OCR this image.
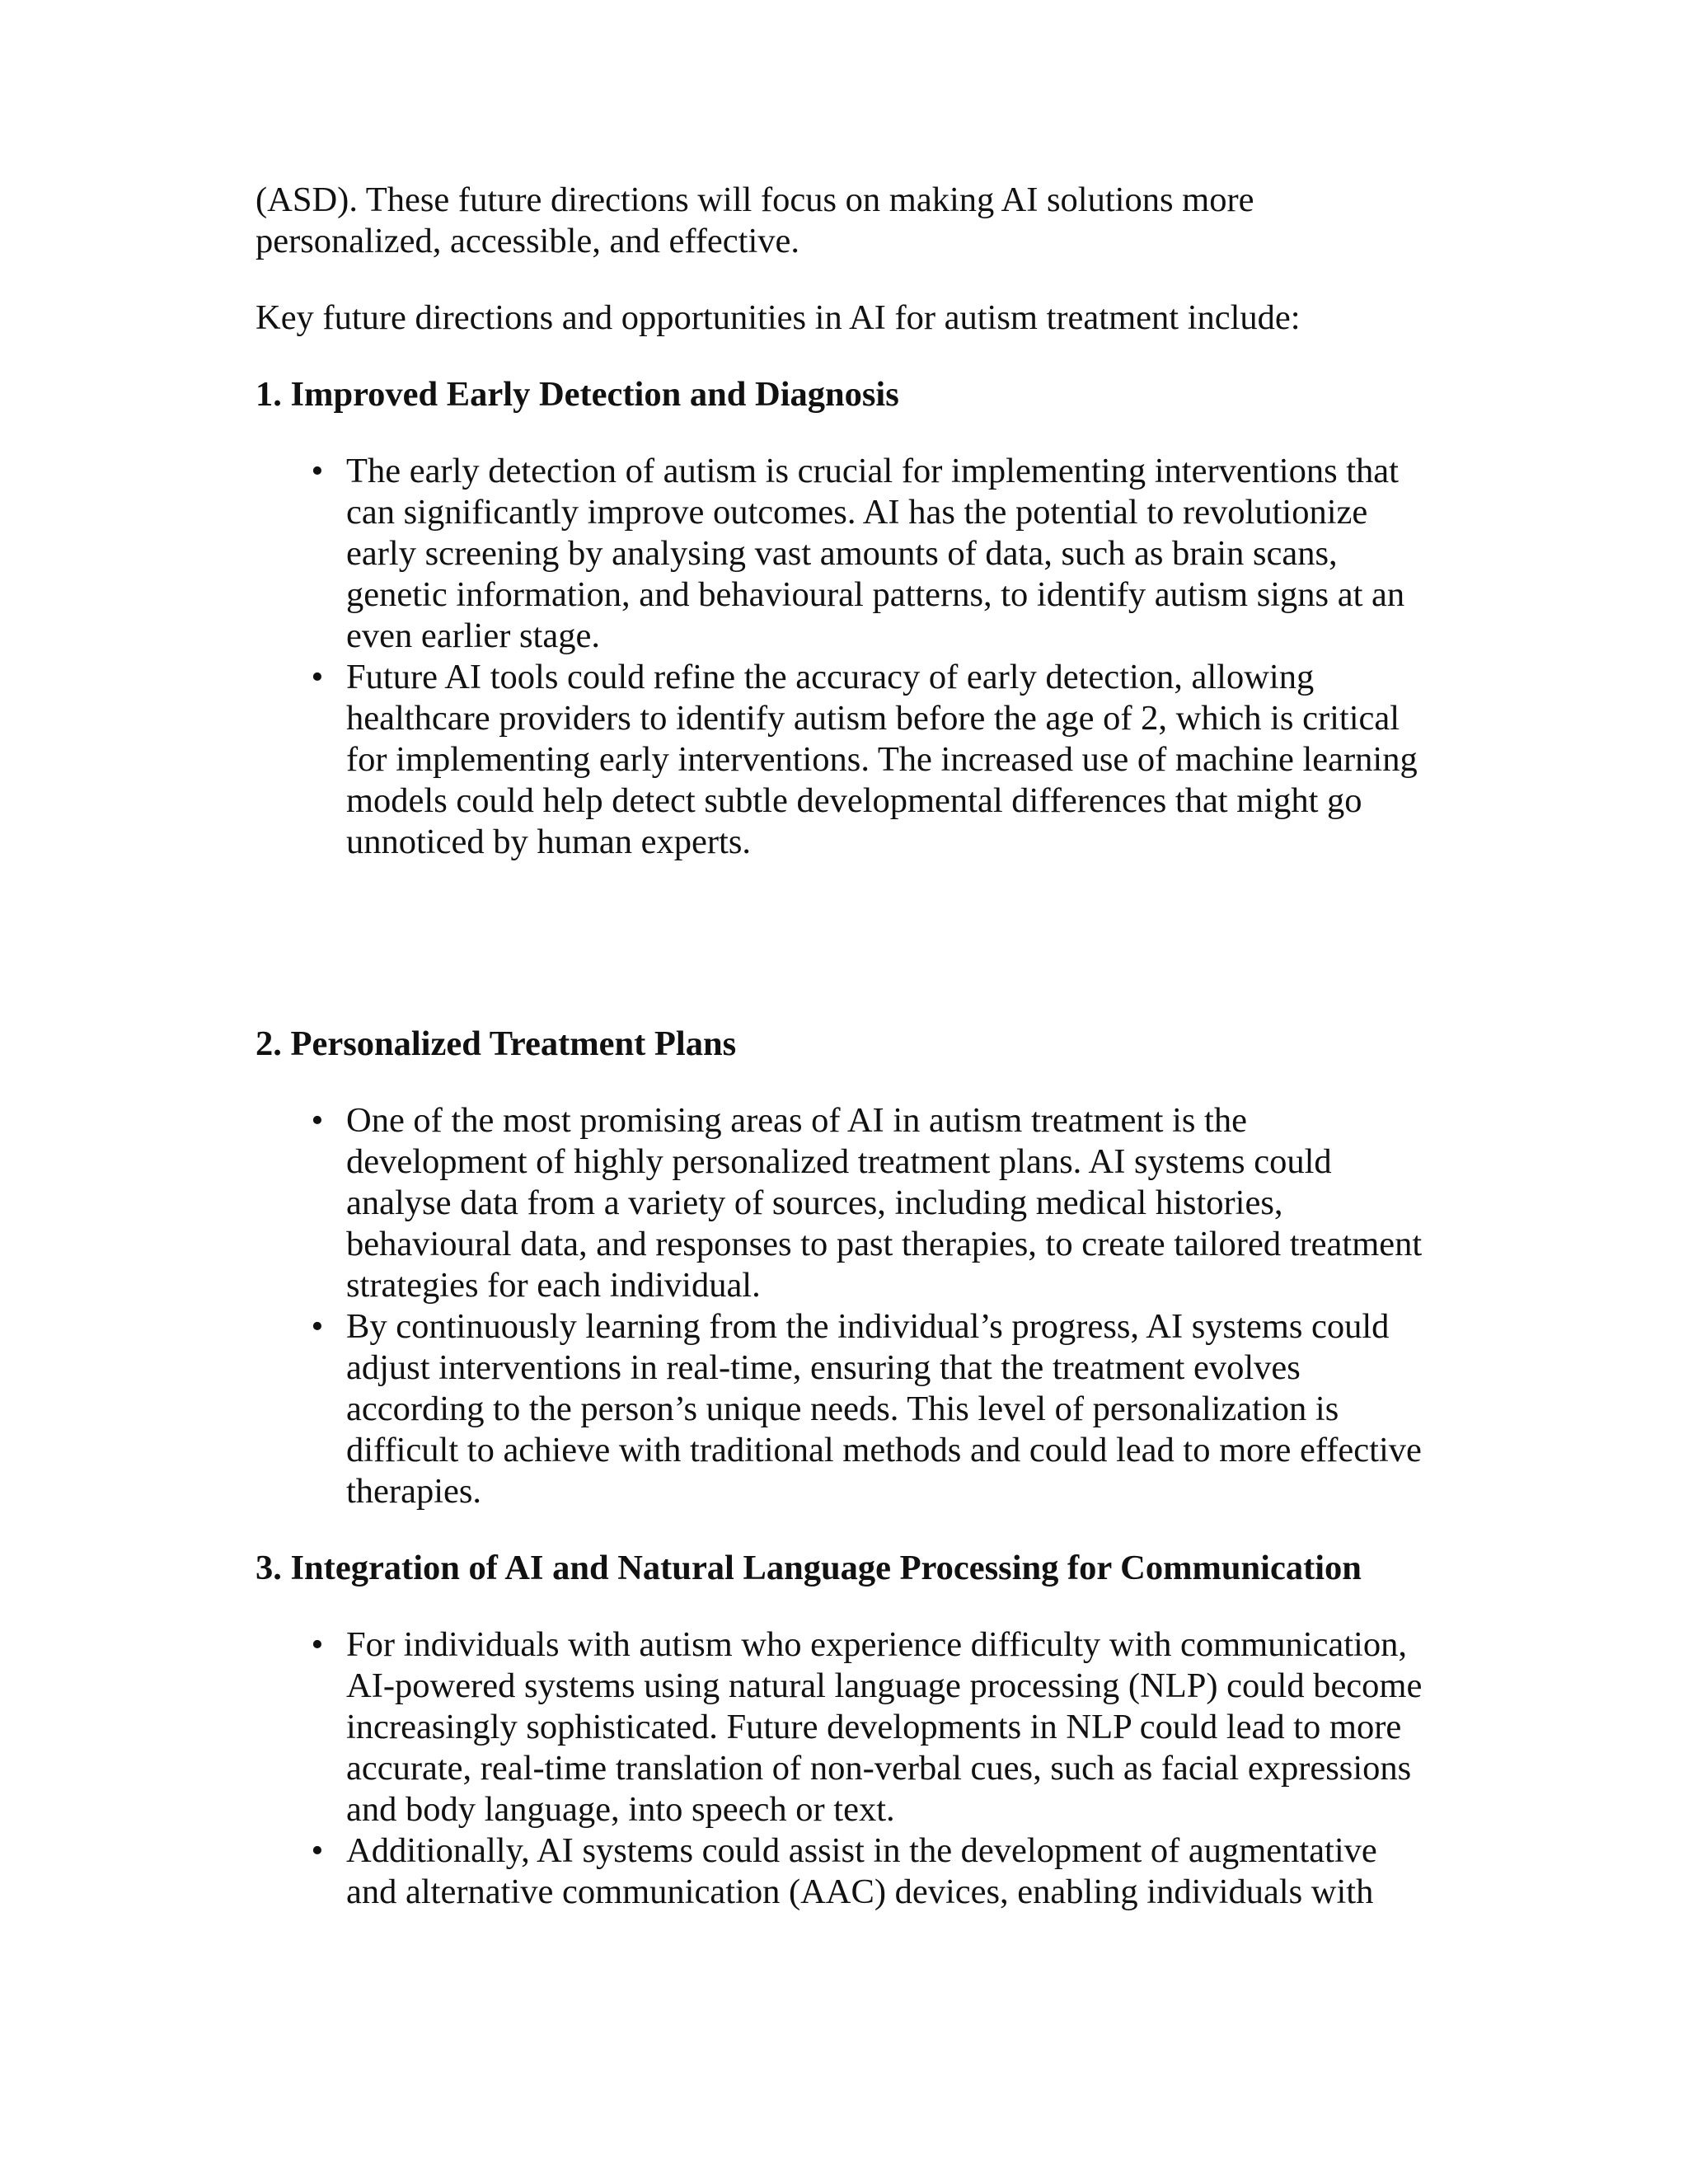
(ASD). These future directions will focus on making AI solutions more personalized, accessible, and effective.

Key future directions and opportunities in AI for autism treatment include:

1. Improved Early Detection and Diagnosis
• The early detection of autism is crucial for implementing interventions that can significantly improve outcomes. AI has the potential to revolutionize early screening by analysing vast amounts of data, such as brain scans, genetic information, and behavioural patterns, to identify autism signs at an even earlier stage.
• Future AI tools could refine the accuracy of early detection, allowing healthcare providers to identify autism before the age of 2, which is critical for implementing early interventions. The increased use of machine learning models could help detect subtle developmental differences that might go unnoticed by human experts.
2. Personalized Treatment Plans
• One of the most promising areas of AI in autism treatment is the development of highly personalized treatment plans. AI systems could analyse data from a variety of sources, including medical histories, behavioural data, and responses to past therapies, to create tailored treatment strategies for each individual.
• By continuously learning from the individual’s progress, AI systems could adjust interventions in real-time, ensuring that the treatment evolves according to the person’s unique needs. This level of personalization is difficult to achieve with traditional methods and could lead to more effective therapies.
3. Integration of AI and Natural Language Processing for Communication
• For individuals with autism who experience difficulty with communication, AI-powered systems using natural language processing (NLP) could become increasingly sophisticated. Future developments in NLP could lead to more accurate, real-time translation of non-verbal cues, such as facial expressions and body language, into speech or text.
• Additionally, AI systems could assist in the development of augmentative and alternative communication (AAC) devices, enabling individuals with
